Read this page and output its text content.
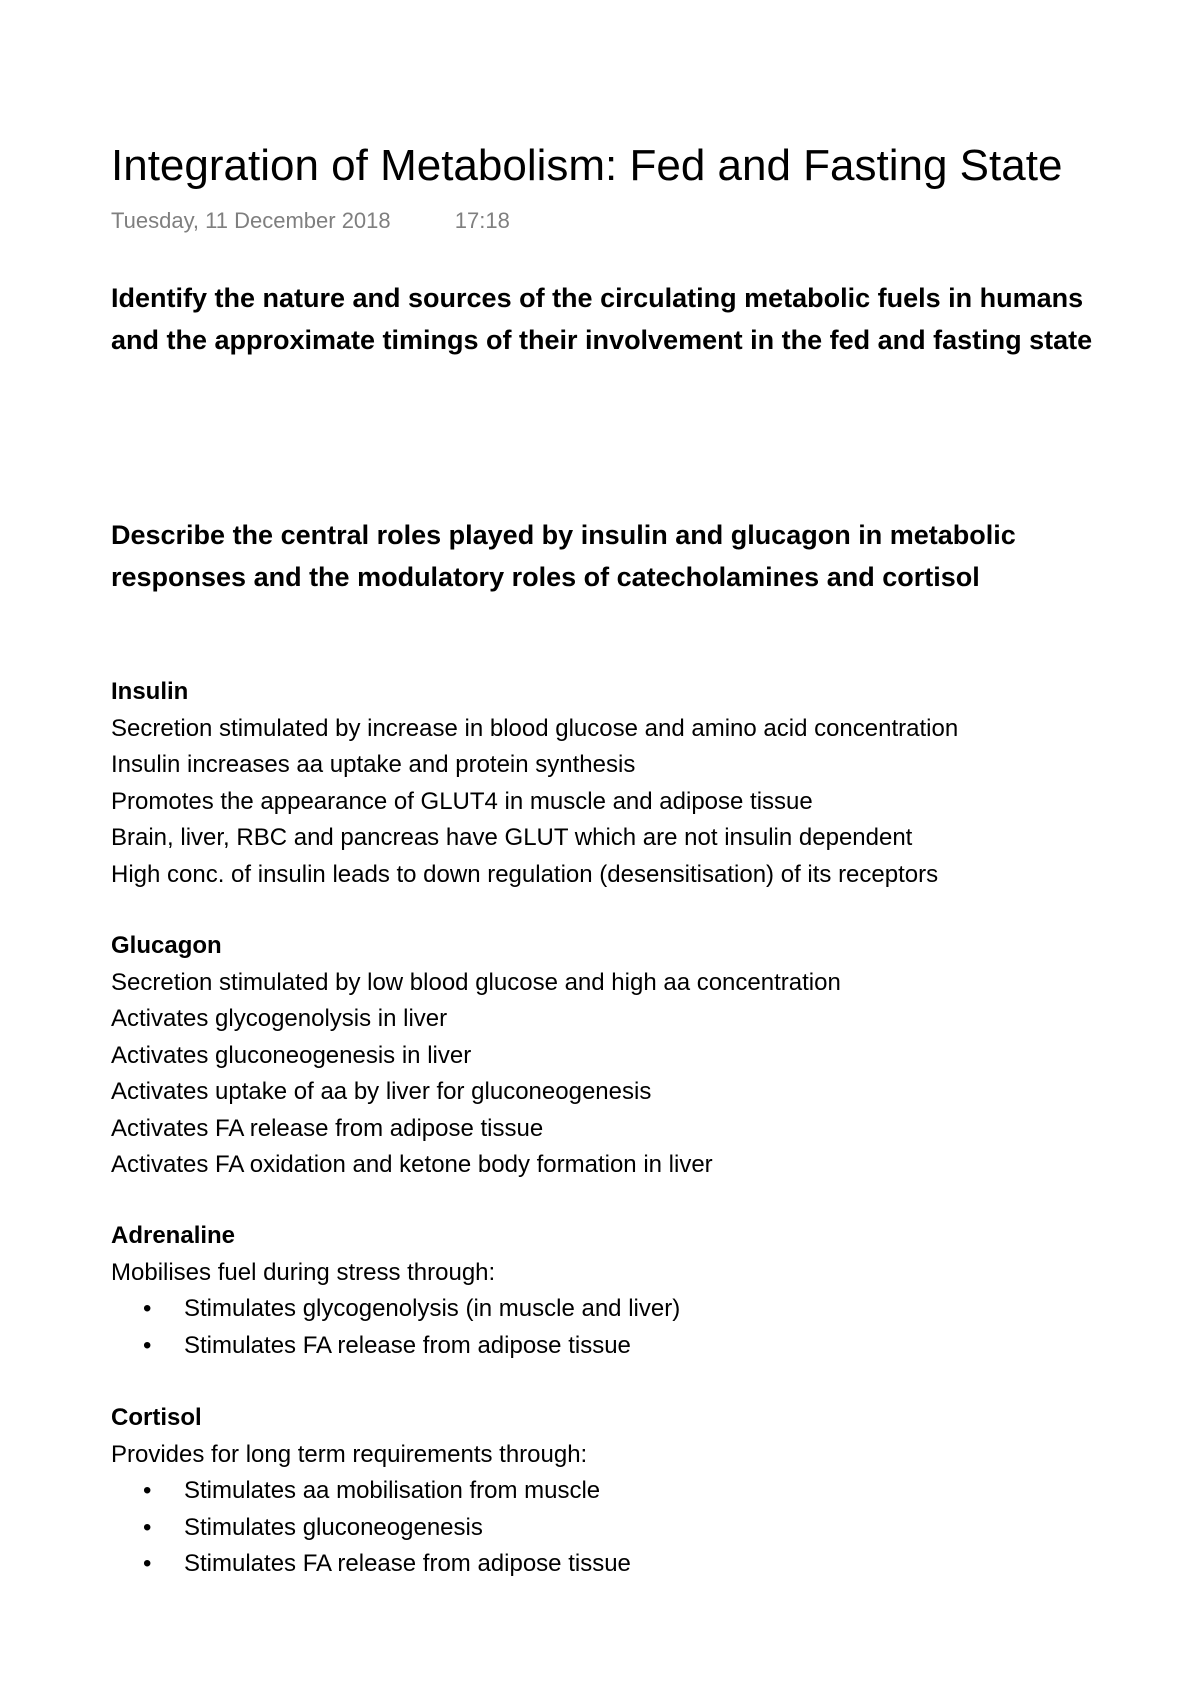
Integration of Metabolism: Fed and Fasting State
Tuesday, 11 December 2018	17:18
Identify the nature and sources of the circulating metabolic fuels in humans and the approximate timings of their involvement in the fed and fasting state
Describe the central roles played by insulin and glucagon in metabolic responses and the modulatory roles of catecholamines and cortisol
Insulin
Secretion stimulated by increase in blood glucose and amino acid concentration
Insulin increases aa uptake and protein synthesis
Promotes the appearance of GLUT4 in muscle and adipose tissue
Brain, liver, RBC and pancreas have GLUT which are not insulin dependent
High conc. of insulin leads to down regulation (desensitisation) of its receptors
Glucagon
Secretion stimulated by low blood glucose and high aa concentration
Activates glycogenolysis in liver
Activates gluconeogenesis in liver
Activates uptake of aa by liver for gluconeogenesis
Activates FA release from adipose tissue
Activates FA oxidation and ketone body formation in liver
Adrenaline
Mobilises fuel during stress through:
• Stimulates glycogenolysis (in muscle and liver)
• Stimulates FA release from adipose tissue
Cortisol
Provides for long term requirements through:
• Stimulates aa mobilisation from muscle
• Stimulates gluconeogenesis
• Stimulates FA release from adipose tissue
